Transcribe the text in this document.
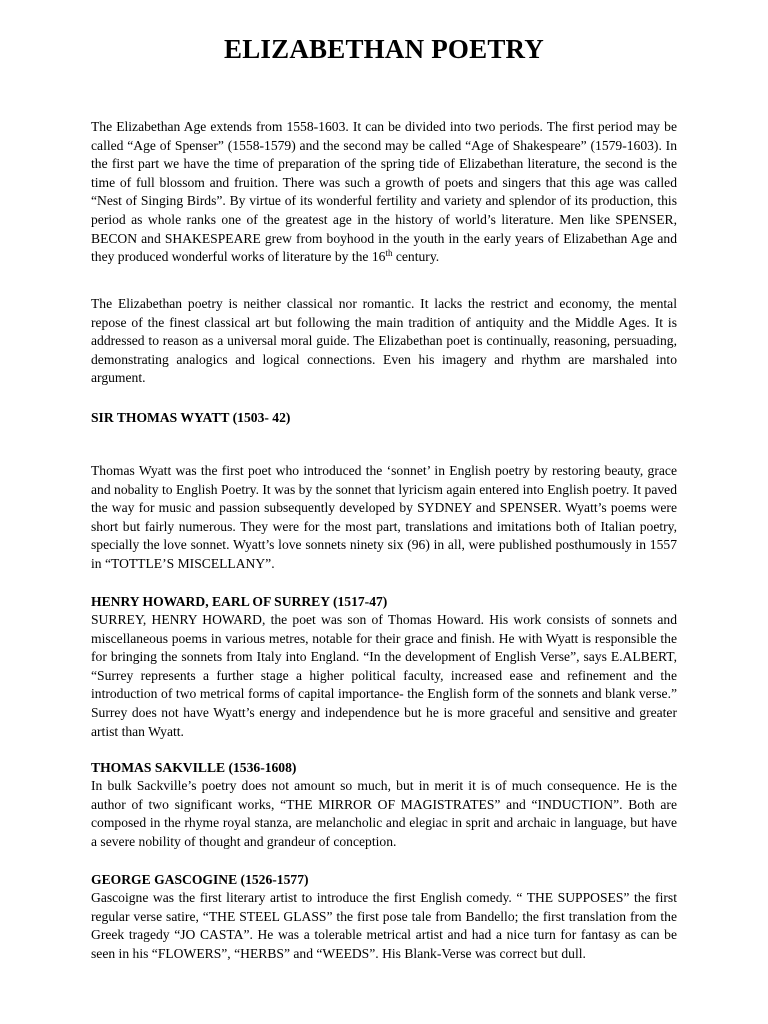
ELIZABETHAN POETRY

The Elizabethan Age extends from 1558-1603. It can be divided into two periods. The first period may be called “Age of Spenser” (1558-1579) and the second may be called “Age of Shakespeare” (1579-1603). In the first part we have the time of preparation of the spring tide of Elizabethan literature, the second is the time of full blossom and fruition. There was such a growth of poets and singers that this age was called “Nest of Singing Birds”. By virtue of its wonderful fertility and variety and splendor of its production, this period as whole ranks one of the greatest age in the history of world’s literature. Men like SPENSER, BECON and SHAKESPEARE grew from boyhood in the youth in the early years of Elizabethan Age and they produced wonderful works of literature by the 16th century.

The Elizabethan poetry is neither classical nor romantic. It lacks the restrict and economy, the mental repose of the finest classical art but following the main tradition of antiquity and the Middle Ages. It is addressed to reason as a universal moral guide. The Elizabethan poet is continually, reasoning, persuading, demonstrating analogics and logical connections. Even his imagery and rhythm are marshaled into argument.

SIR THOMAS WYATT (1503- 42)

Thomas Wyatt was the first poet who introduced the ‘sonnet’ in English poetry by restoring beauty, grace and nobality to English Poetry. It was by the sonnet that lyricism again entered into English poetry. It paved the way for music and passion subsequently developed by SYDNEY and SPENSER. Wyatt’s poems were short but fairly numerous. They were for the most part, translations and imitations both of Italian poetry, specially the love sonnet. Wyatt’s love sonnets ninety six (96) in all, were published posthumously in 1557 in “TOTTLE’S MISCELLANY”.

HENRY HOWARD, EARL OF SURREY (1517-47)

SURREY, HENRY HOWARD, the poet was son of Thomas Howard. His work consists of sonnets and miscellaneous poems in various metres, notable for their grace and finish. He with Wyatt is responsible the for bringing the sonnets from Italy into England. “In the development of English Verse”, says E.ALBERT, “Surrey represents a further stage a higher political faculty, increased ease and refinement and the introduction of two metrical forms of capital importance- the English form of the sonnets and blank verse.” Surrey does not have Wyatt’s energy and independence but he is more graceful and sensitive and greater artist than Wyatt.

THOMAS SAKVILLE (1536-1608)

In bulk Sackville’s poetry does not amount so much, but in merit it is of much consequence. He is the author of two significant works, “THE MIRROR OF MAGISTRATES” and “INDUCTION”. Both are composed in the rhyme royal stanza, are melancholic and elegiac in sprit and archaic in language, but have a severe nobility of thought and grandeur of conception.

GEORGE GASCOGINE (1526-1577)

Gascoigne was the first literary artist to introduce the first English comedy. “ THE SUPPOSES” the first regular verse satire, “THE STEEL GLASS” the first pose tale from Bandello; the first translation from the Greek tragedy “JO CASTA”. He was a tolerable metrical artist and had a nice turn for fantasy as can be seen in his “FLOWERS”, “HERBS” and “WEEDS”. His Blank-Verse was correct but dull.
